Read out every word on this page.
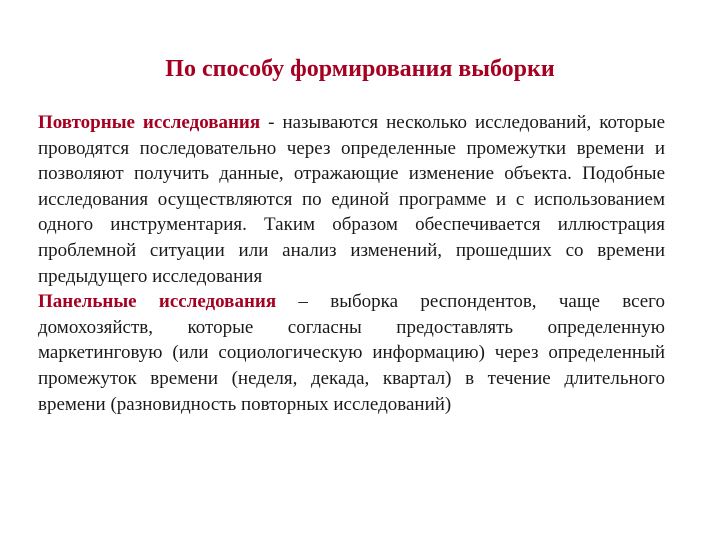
По способу формирования выборки

Повторные исследования - называются несколько исследований, которые проводятся последовательно через определенные промежутки времени и позволяют получить данные, отражающие изменение объекта. Подобные исследования осуществляются по единой программе и с использованием одного инструментария. Таким образом обеспечивается иллюстрация проблемной ситуации или анализ изменений, прошедших со времени предыдущего исследования

Панельные исследования – выборка респондентов, чаще всего домохозяйств, которые согласны предоставлять определенную маркетинговую (или социологическую информацию) через определенный промежуток времени (неделя, декада, квартал) в течение длительного времени (разновидность повторных исследований)
